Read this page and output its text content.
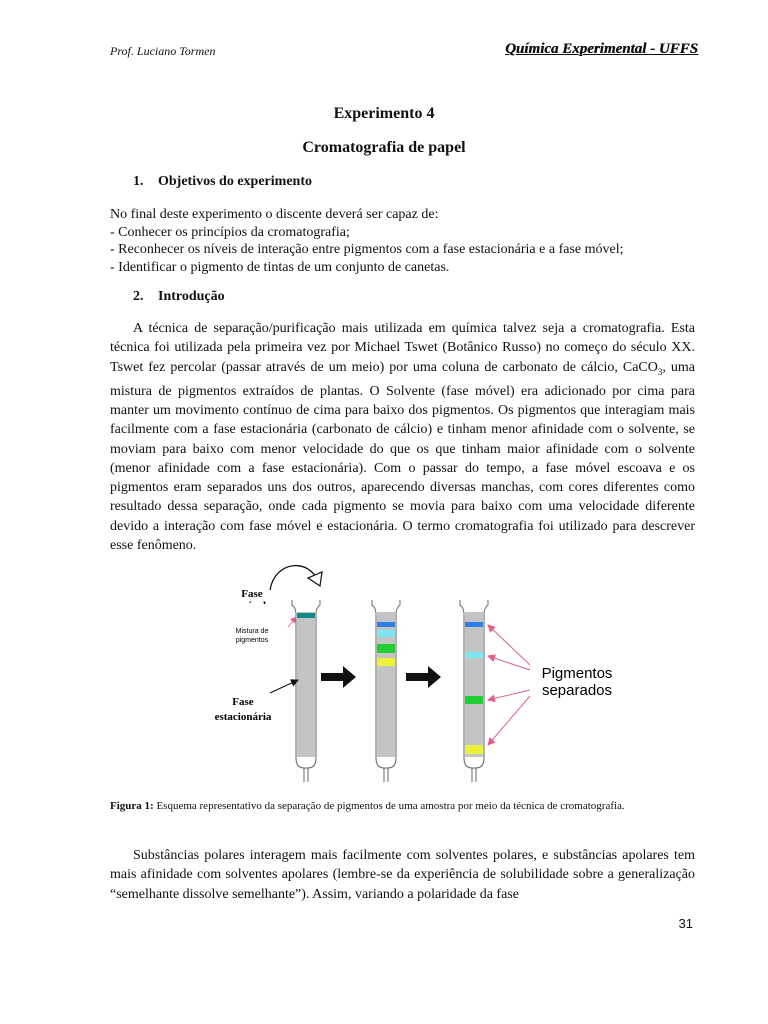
Prof. Luciano Tormen	Química Experimental - UFFS
Experimento 4
Cromatografia de papel
1. Objetivos do experimento
No final deste experimento o discente deverá ser capaz de:
- Conhecer os princípios da cromatografia;
- Reconhecer os níveis de interação entre pigmentos com a fase estacionária e a fase móvel;
- Identificar o pigmento de tintas de um conjunto de canetas.
2. Introdução
A técnica de separação/purificação mais utilizada em química talvez seja a cromatografia. Esta técnica foi utilizada pela primeira vez por Michael Tswet (Botânico Russo) no começo do século XX. Tswet fez percolar (passar através de um meio) por uma coluna de carbonato de cálcio, CaCO$_3$, uma mistura de pigmentos extraídos de plantas. O Solvente (fase móvel) era adicionado por cima para manter um movimento contínuo de cima para baixo dos pigmentos. Os pigmentos que interagiam mais facilmente com a fase estacionária (carbonato de cálcio) e tinham menor afinidade com o solvente, se moviam para baixo com menor velocidade do que os que tinham maior afinidade com o solvente (menor afinidade com a fase estacionária). Com o passar do tempo, a fase móvel escoava e os pigmentos eram separados uns dos outros, aparecendo diversas manchas, com cores diferentes como resultado dessa separação, onde cada pigmento se movia para baixo com uma velocidade diferente devido a interação com fase móvel e estacionária. O termo cromatografia foi utilizado para descrever esse fenômeno.
Fase
Mistura de
pigmentos
Fase
estacionária
Pigmentos
separados
Figura 1: Esquema representativo da separação de pigmentos de uma amostra por meio da técnica de cromatografia.
Substâncias polares interagem mais facilmente com solventes polares, e substâncias apolares tem mais afinidade com solventes apolares (lembre-se da experiência de solubilidade sobre a generalização “semelhante dissolve semelhante”). Assim, variando a polaridade da fase
31
